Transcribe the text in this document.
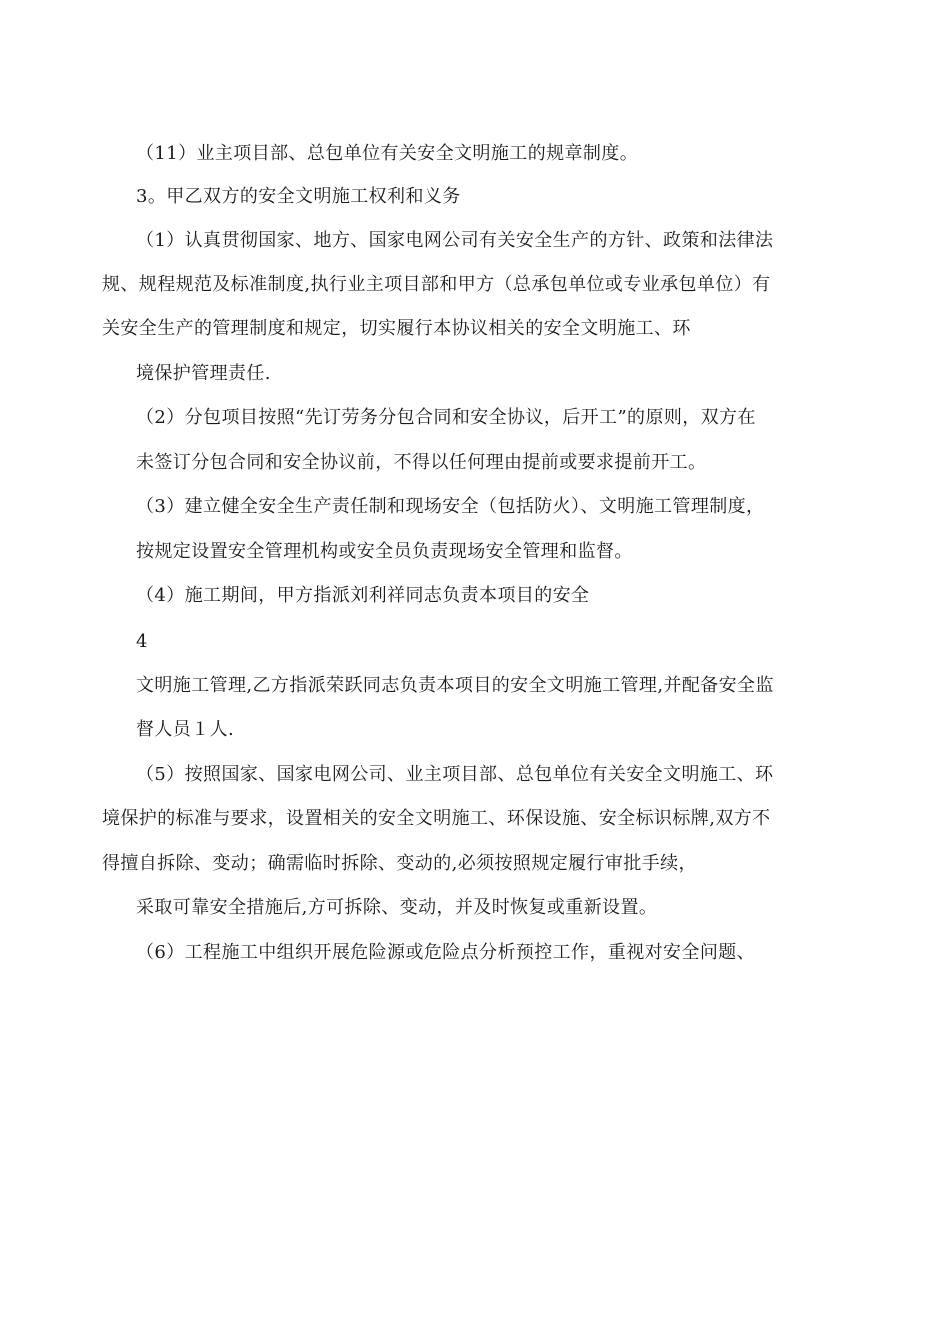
（11）业主项目部、总包单位有关安全文明施工的规章制度。

3。甲乙双方的安全文明施工权利和义务

（1）认真贯彻国家、地方、国家电网公司有关安全生产的方针、政策和法律法

规、规程规范及标准制度,执行业主项目部和甲方（总承包单位或专业承包单位）有

关安全生产的管理制度和规定，切实履行本协议相关的安全文明施工、环

境保护管理责任.

（2）分包项目按照“先订劳务分包合同和安全协议，后开工”的原则，双方在

未签订分包合同和安全协议前，不得以任何理由提前或要求提前开工。

（3）建立健全安全生产责任制和现场安全（包括防火）、文明施工管理制度，

按规定设置安全管理机构或安全员负责现场安全管理和监督。

（4）施工期间，甲方指派刘利祥同志负责本项目的安全

4

文明施工管理,乙方指派荣跃同志负责本项目的安全文明施工管理,并配备安全监

督人员１人.

（5）按照国家、国家电网公司、业主项目部、总包单位有关安全文明施工、环

境保护的标准与要求，设置相关的安全文明施工、环保设施、安全标识标牌,双方不

得擅自拆除、变动；确需临时拆除、变动的,必须按照规定履行审批手续，

采取可靠安全措施后,方可拆除、变动，并及时恢复或重新设置。

（6）工程施工中组织开展危险源或危险点分析预控工作，重视对安全问题、
